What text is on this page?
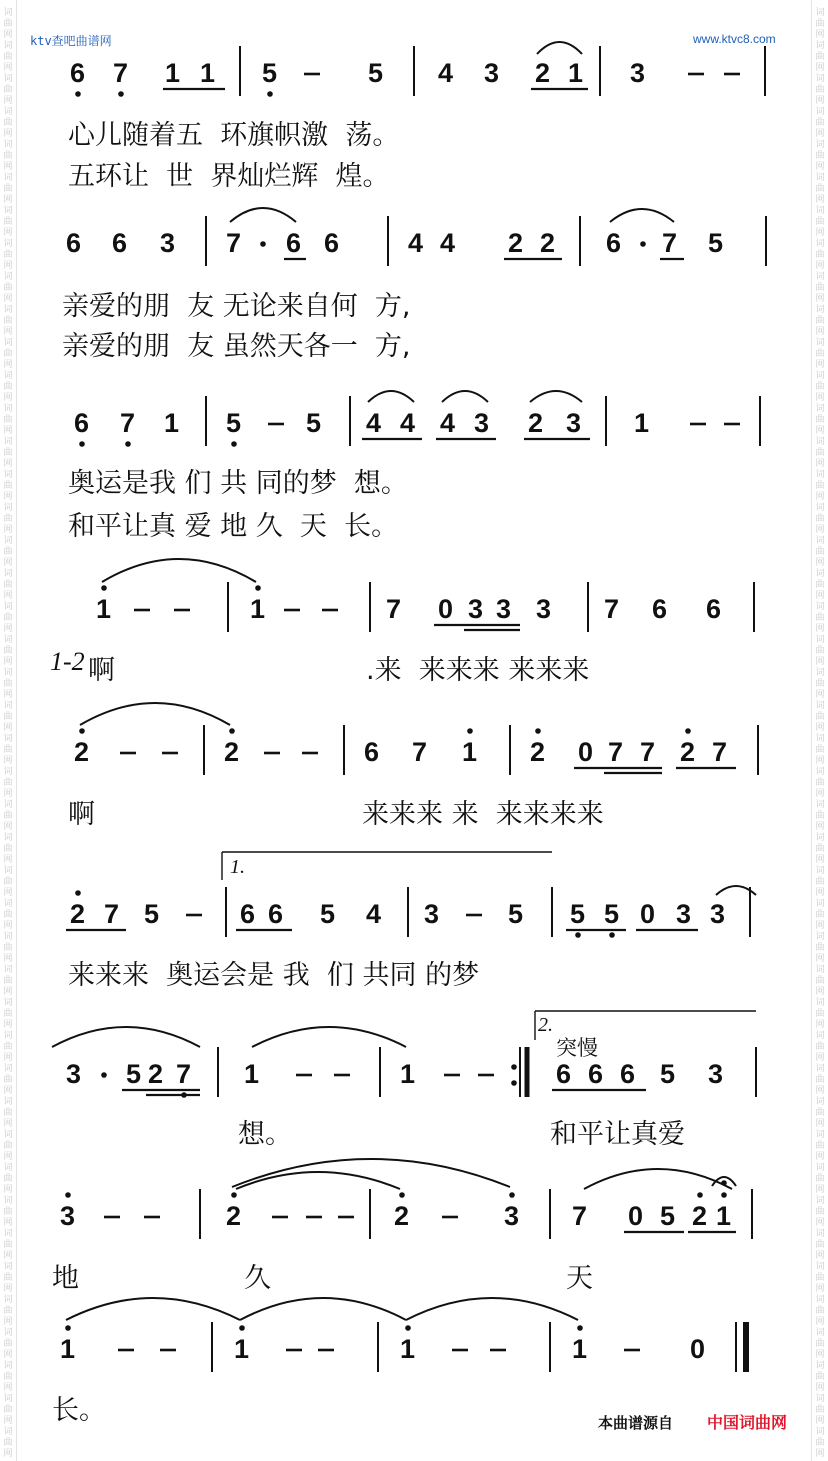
词
曲
网
词
曲
网
词
曲
网
词
曲
网
词
曲
网
词
曲
网
词
曲
网
词
曲
网
词
曲
网
词
曲
网
词
曲
网
词
曲
网
词
曲
网
词
曲
网
词
曲
网
词
曲
网
词
曲
网
词
曲
网
词
曲
网
词
曲
网
词
曲
网
词
曲
网
词
曲
网
词
曲
网
词
曲
网
词
曲
网
词
曲
网
词
曲
网
词
曲
网
词
曲
网
词
曲
网
词
曲
网
词
曲
网
词
曲
网
词
曲
网
词
曲
网
词
曲
网
词
曲
网
词
曲
网
词
曲
网
词
曲
网
词
曲
网
词
曲
网
词
曲
网
词
曲
网
词
曲
网
词
曲
网
词
曲
网
词
曲
网
词
曲
网
词
曲
网
词
曲
网
词
曲
网
词
曲
网
词
曲
网
词
曲
网
词
曲
网
词
曲
网
词
曲
网
词
曲
网
词
曲
网
词
曲
网
词
曲
网
词
曲
网
词
曲
网
词
曲
网
词
曲
网
词
曲
网
词
曲
网
词
曲
网
词
曲
网
词
曲
网
词
曲
网
词
曲
网
词
曲
网
词
曲
网
词
曲
网
词
曲
网
词
曲
网
词
曲
网
词
曲
网
词
曲
网
词
曲
网
词
曲
网
词
曲
网
词
曲
网
词
曲
网
词
曲
网
ktv查吧曲谱网	www.ktvc8.com
6 7 1 1 5	5 4 3 2 1 3
6 6 3 7 6 6	4 4 2 2 6 7 5
6 7 1 5 5 4 4 4 3 2 3 1
1	1	7 0 3 3 3 7 6 6
2	2	6 7 1 2 0 7 7 2 7
2 7 5	6 6 5 4 3	5 5 5 0 3 3
3 5 2 7 1	1	6 6 6 5 3
3	2	2	3 7 0 5 2 1
1	1	1	1	0
心儿随着五  环旗帜激  荡。
五环让  世  界灿烂辉  煌。
亲爱的朋  友 无论来自何  方,
亲爱的朋  友 虽然天各一  方,
奥运是我 们 共 同的梦  想。
和平让真 爱 地 久  天  长。
1-2 啊	.来  来来来 来来来
啊	来来来 来  来来来来
来来来  奥运会是 我  们 共同 的梦
想。	和平让真爱
地	久	天
长。
1.
2.
突慢
本曲谱源自 中国词曲网
